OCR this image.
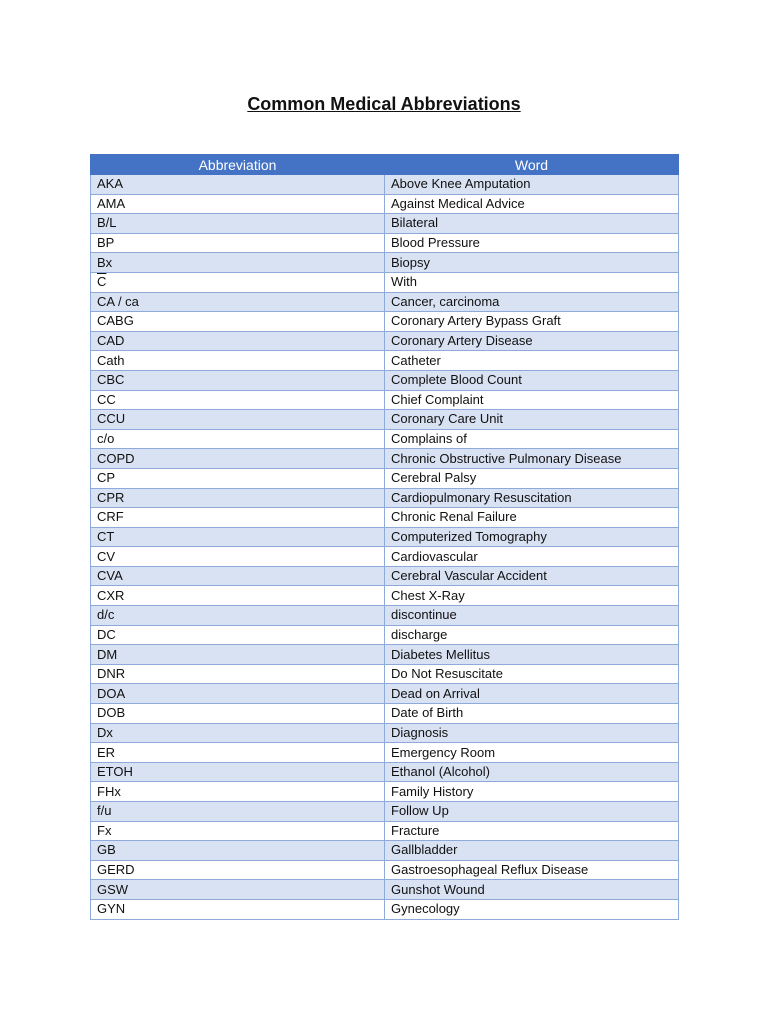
Common Medical Abbreviations
Abbreviation	Word
AKA	Above Knee Amputation
AMA	Against Medical Advice
B/L	Bilateral
BP	Blood Pressure
Bx	Biopsy
$\overline{C}$	With
CA / ca	Cancer, carcinoma
CABG	Coronary Artery Bypass Graft
CAD	Coronary Artery Disease
Cath	Catheter
CBC	Complete Blood Count
CC	Chief Complaint
CCU	Coronary Care Unit
c/o	Complains of
COPD	Chronic Obstructive Pulmonary Disease
CP	Cerebral Palsy
CPR	Cardiopulmonary Resuscitation
CRF	Chronic Renal Failure
CT	Computerized Tomography
CV	Cardiovascular
CVA	Cerebral Vascular Accident
CXR	Chest X-Ray
d/c	discontinue
DC	discharge
DM	Diabetes Mellitus
DNR	Do Not Resuscitate
DOA	Dead on Arrival
DOB	Date of Birth
Dx	Diagnosis
ER	Emergency Room
ETOH	Ethanol (Alcohol)
FHx	Family History
f/u	Follow Up
Fx	Fracture
GB	Gallbladder
GERD	Gastroesophageal Reflux Disease
GSW	Gunshot Wound
GYN	Gynecology
